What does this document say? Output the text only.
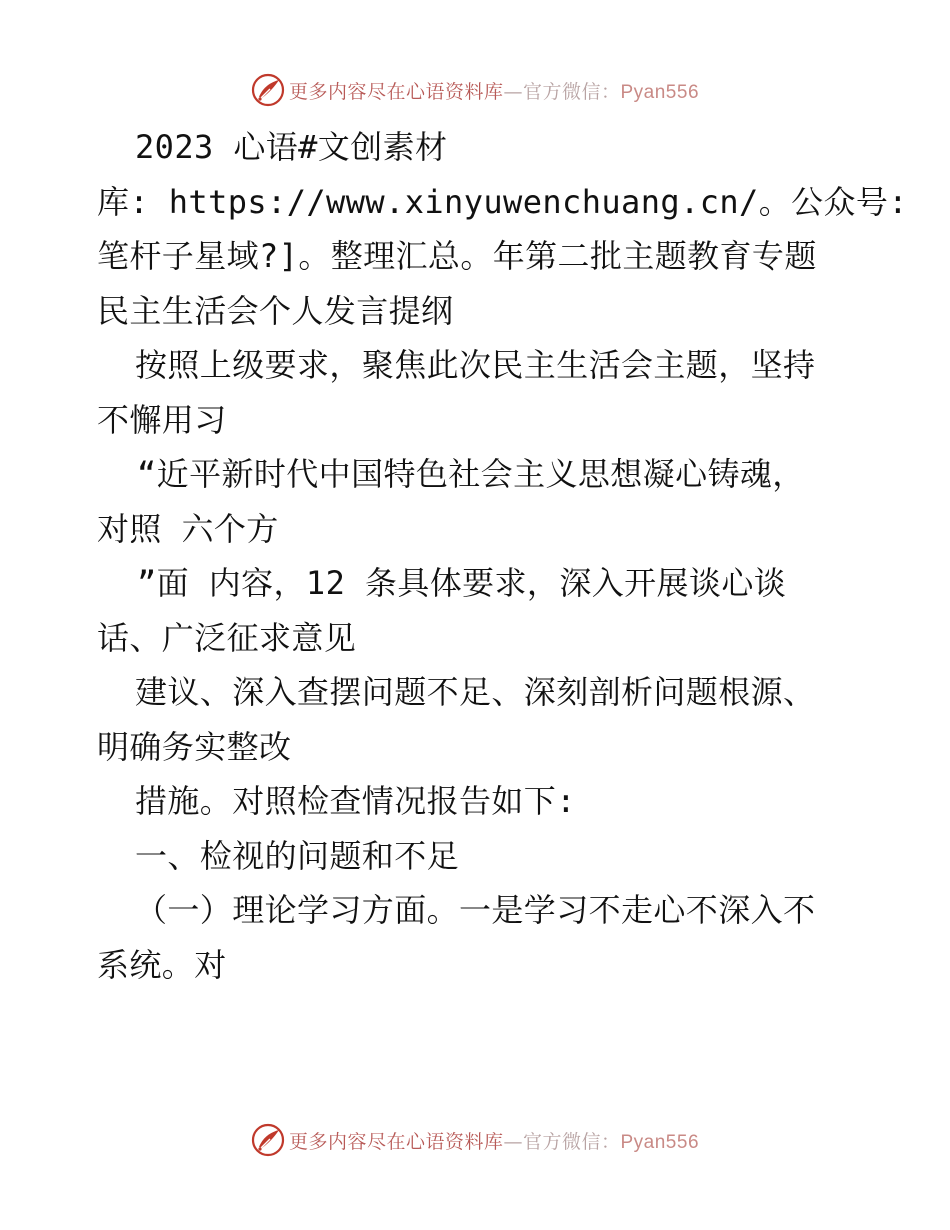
更多内容尽在心语资料库—官方微信：Pyan556
2023 心语#文创素材
库: https://www.xinyuwenchuang.cn/。公众号:
笔杆子星域?]。整理汇总。年第二批主题教育专题
民主生活会个人发言提纲
按照上级要求，聚焦此次民主生活会主题，坚持
不懈用习
“近平新时代中国特色社会主义思想凝心铸魂，
对照 六个方
”面 内容，12 条具体要求，深入开展谈心谈
话、广泛征求意见
建议、深入查摆问题不足、深刻剖析问题根源、
明确务实整改
措施。对照检查情况报告如下:
一、检视的问题和不足
（一）理论学习方面。一是学习不走心不深入不
系统。对
更多内容尽在心语资料库—官方微信：Pyan556
